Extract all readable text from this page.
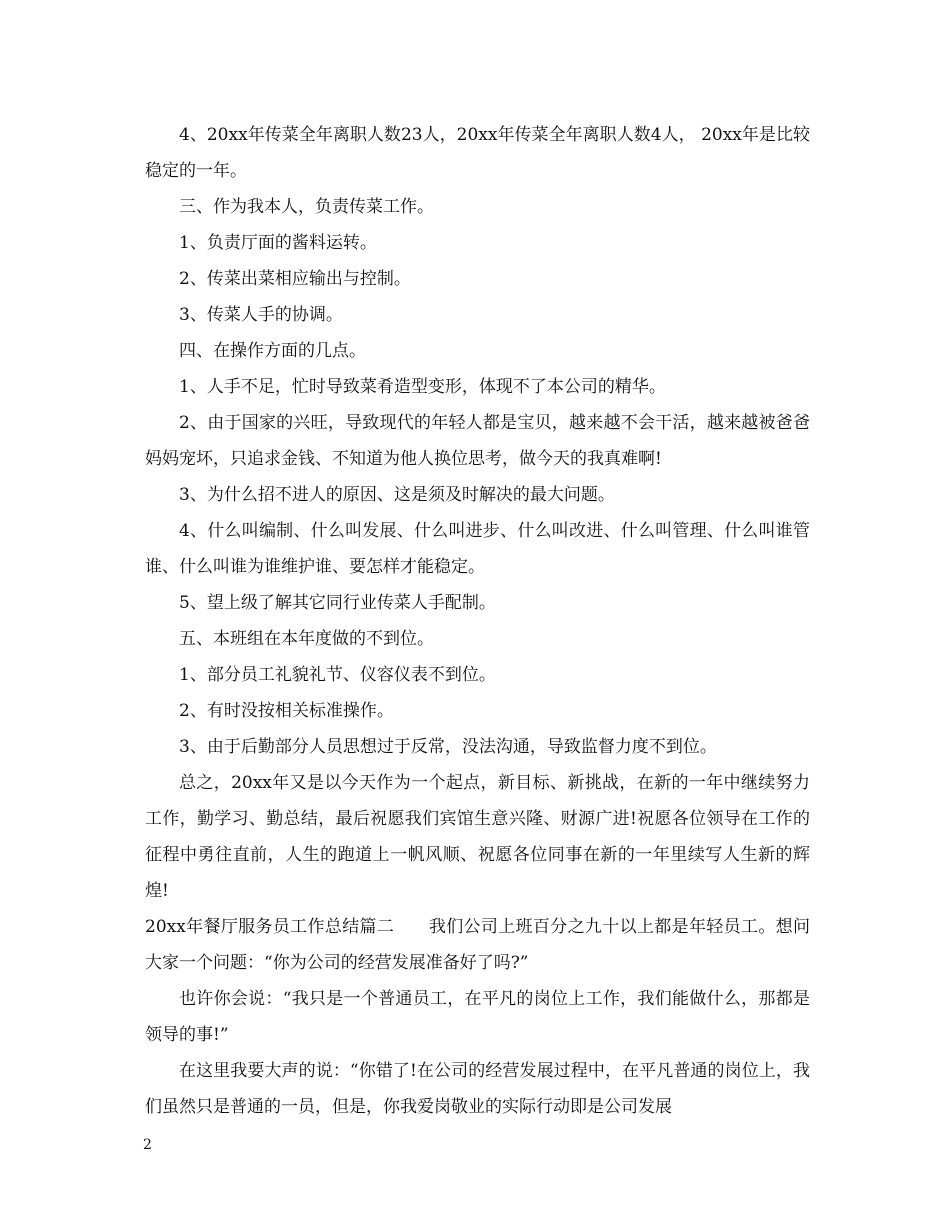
4、20xx年传菜全年离职人数23人，20xx年传菜全年离职人数4人， 20xx年是比较稳定的一年。

三、作为我本人，负责传菜工作。

1、负责厅面的酱料运转。

2、传菜出菜相应输出与控制。

3、传菜人手的协调。

四、在操作方面的几点。

1、人手不足，忙时导致菜肴造型变形，体现不了本公司的精华。

2、由于国家的兴旺，导致现代的年轻人都是宝贝，越来越不会干活，越来越被爸爸妈妈宠坏，只追求金钱、不知道为他人换位思考，做今天的我真难啊!

3、为什么招不进人的原因、这是须及时解决的最大问题。

4、什么叫编制、什么叫发展、什么叫进步、什么叫改进、什么叫管理、什么叫谁管谁、什么叫谁为谁维护谁、要怎样才能稳定。

5、望上级了解其它同行业传菜人手配制。

五、本班组在本年度做的不到位。

1、部分员工礼貌礼节、仪容仪表不到位。

2、有时没按相关标准操作。

3、由于后勤部分人员思想过于反常，没法沟通，导致监督力度不到位。

总之，20xx年又是以今天作为一个起点，新目标、新挑战，在新的一年中继续努力工作，勤学习、勤总结，最后祝愿我们宾馆生意兴隆、财源广进!祝愿各位领导在工作的征程中勇往直前，人生的跑道上一帆风顺、祝愿各位同事在新的一年里续写人生新的辉煌!

20xx年餐厅服务员工作总结篇二　　我们公司上班百分之九十以上都是年轻员工。想问大家一个问题：“你为公司的经营发展准备好了吗?”

也许你会说：“我只是一个普通员工，在平凡的岗位上工作，我们能做什么，那都是领导的事!”

在这里我要大声的说：“你错了!在公司的经营发展过程中，在平凡普通的岗位上，我们虽然只是普通的一员，但是，你我爱岗敬业的实际行动即是公司发展

2
